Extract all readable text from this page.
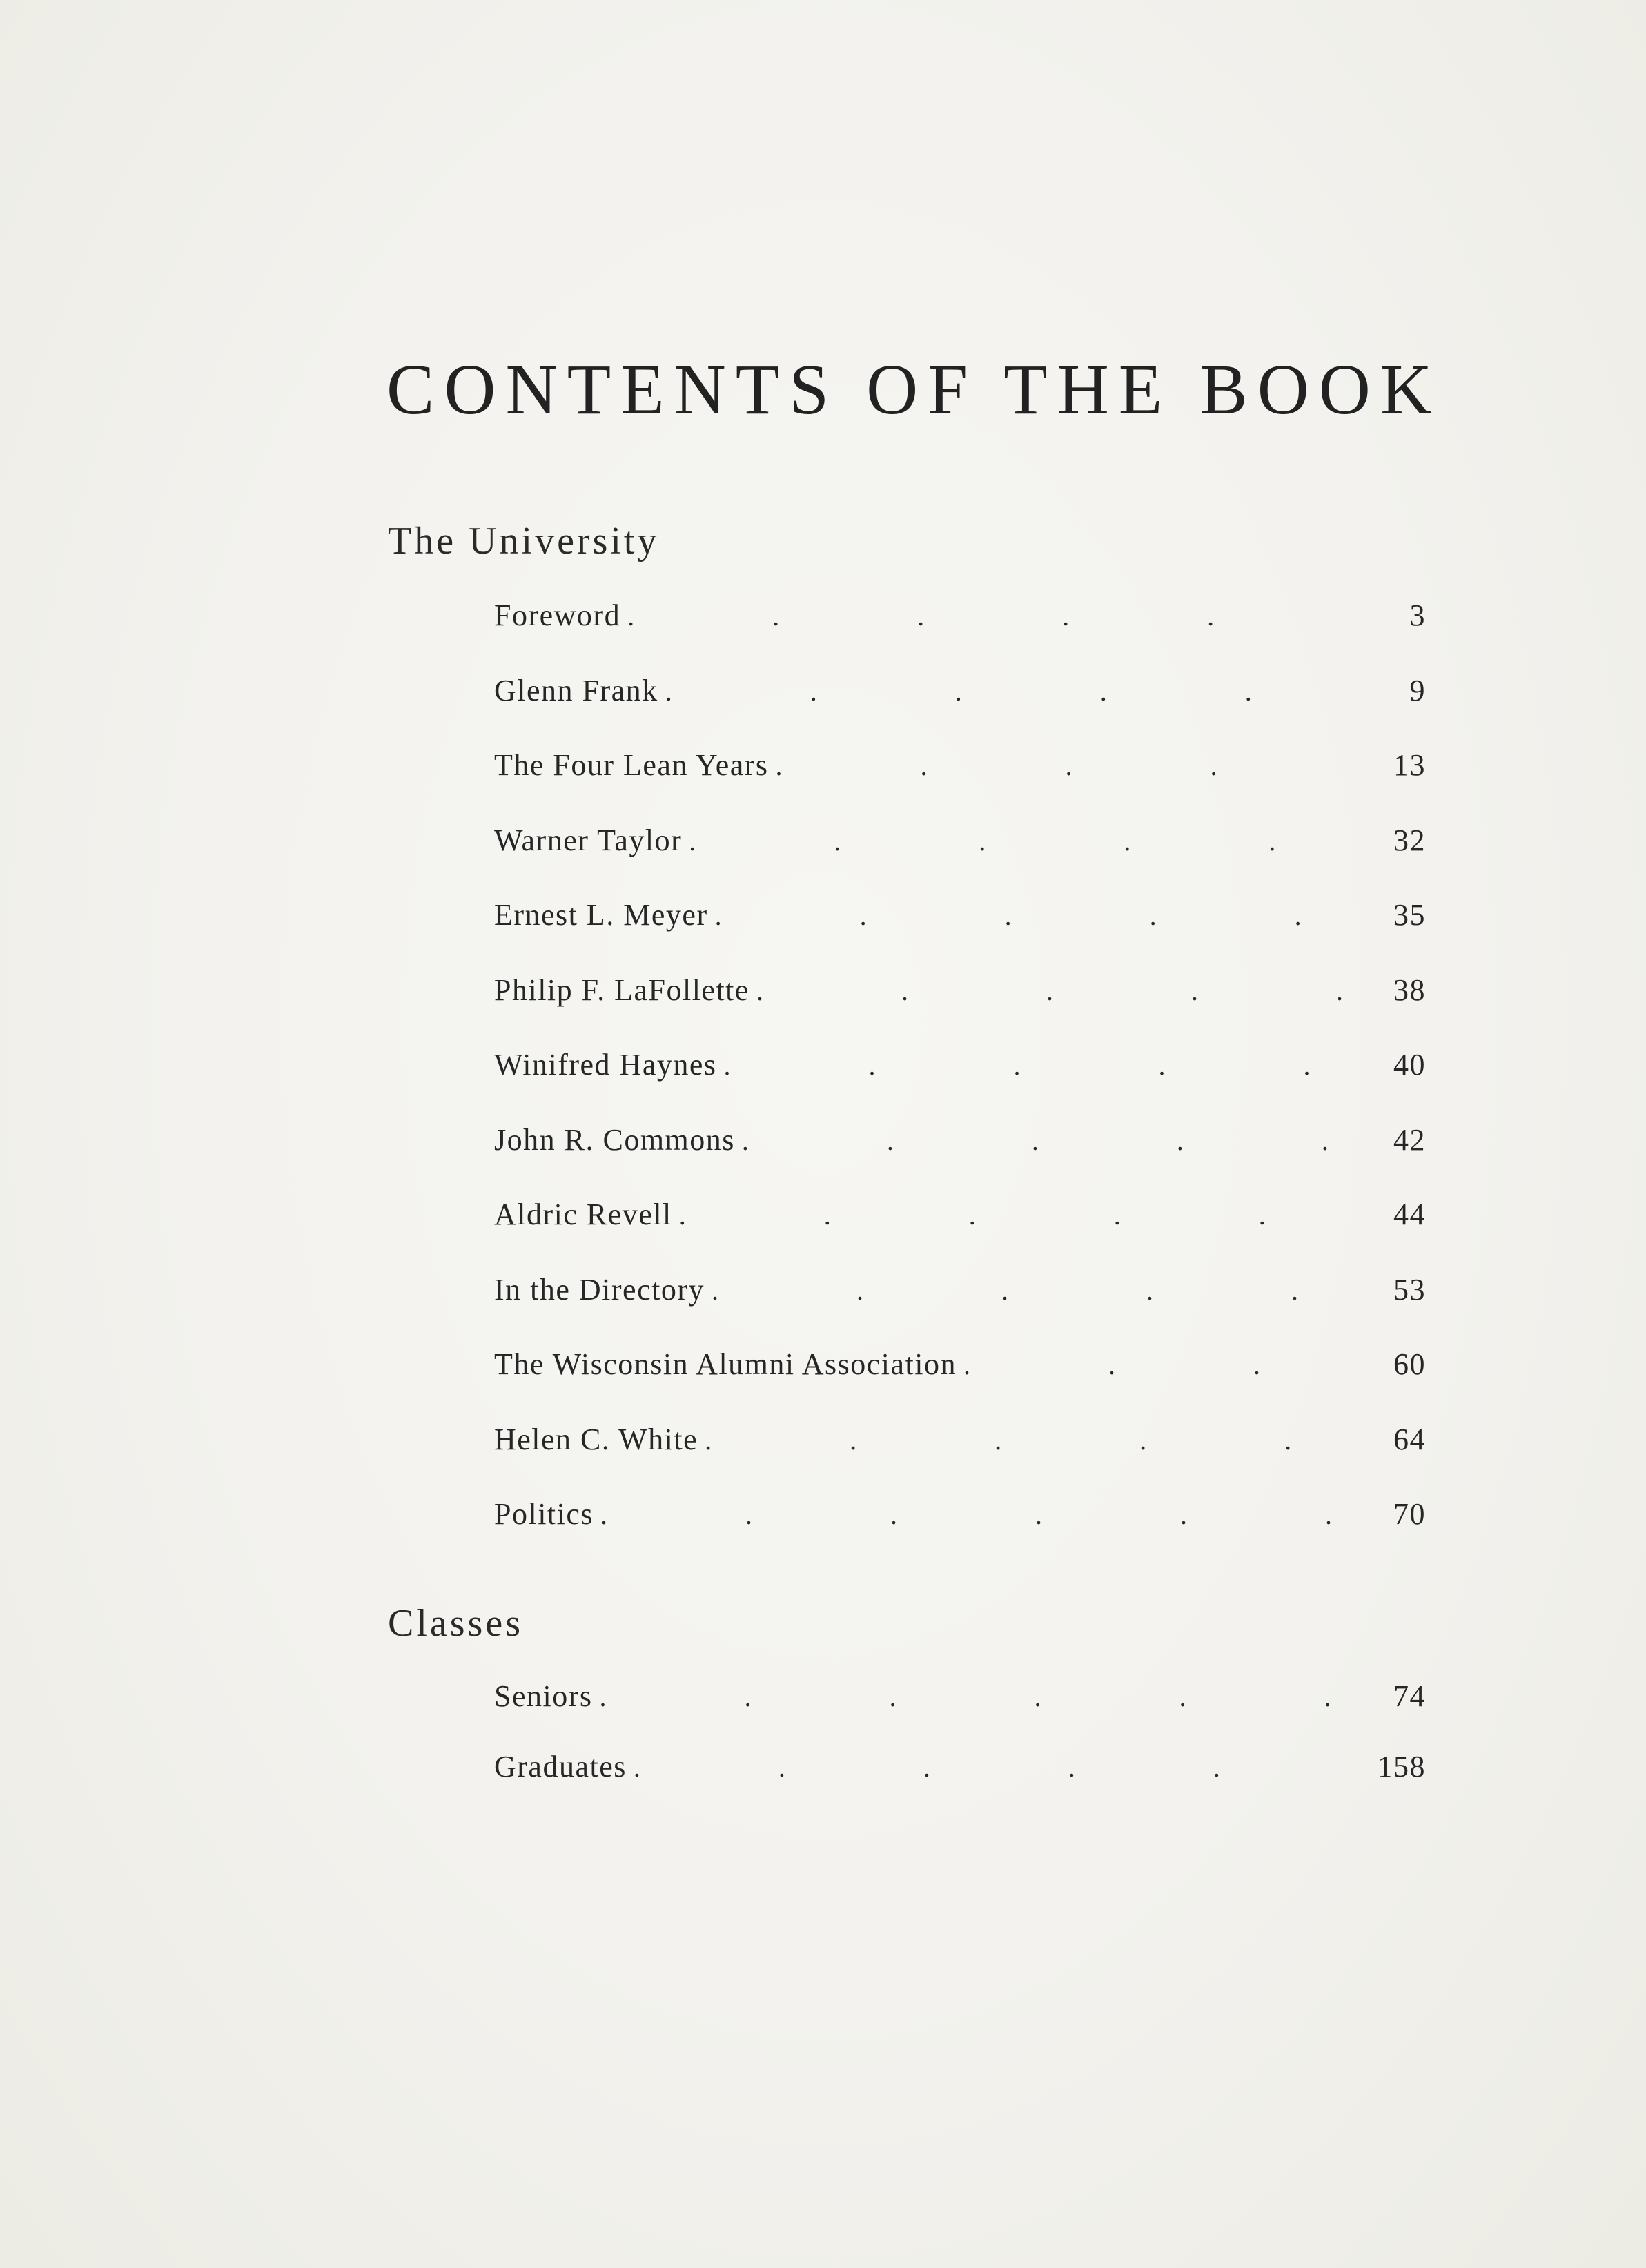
CONTENTS OF THE BOOK
The University
Foreword .	3
Glenn Frank .	9
The Four Lean Years .	13
Warner Taylor .	32
Ernest L. Meyer .	35
Philip F. LaFollette .	38
Winifred Haynes .	40
John R. Commons .	42
Aldric Revell .	44
In the Directory .	53
The Wisconsin Alumni Association .	60
Helen C. White .	64
Politics .	70
Classes
Seniors .	74
Graduates .	158
